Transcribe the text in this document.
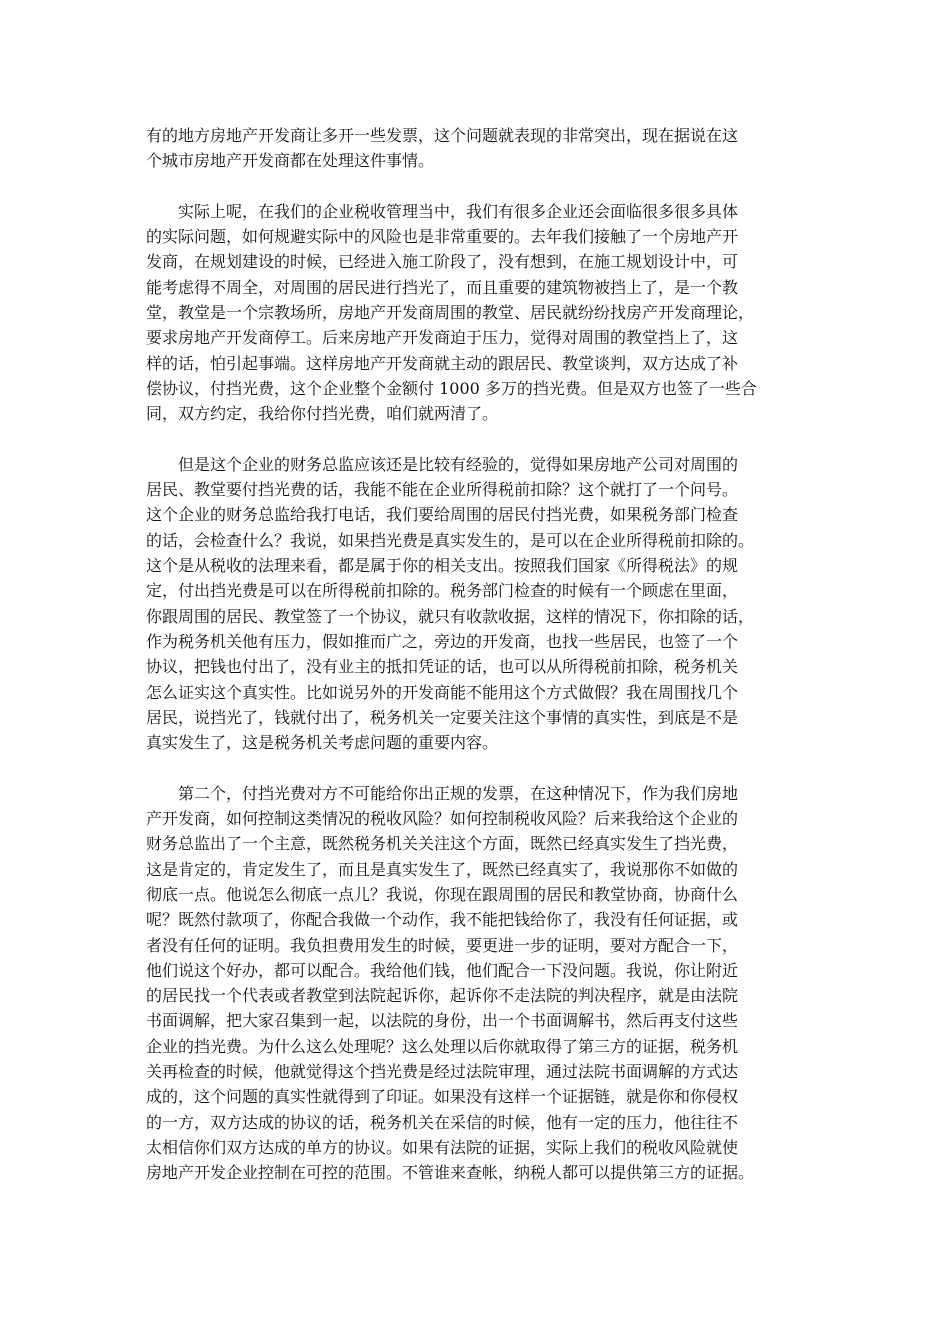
有的地方房地产开发商让多开一些发票，这个问题就表现的非常突出，现在据说在这
个城市房地产开发商都在处理这件事情。
实际上呢，在我们的企业税收管理当中，我们有很多企业还会面临很多很多具体
的实际问题，如何规避实际中的风险也是非常重要的。去年我们接触了一个房地产开
发商，在规划建设的时候，已经进入施工阶段了，没有想到，在施工规划设计中，可
能考虑得不周全，对周围的居民进行挡光了，而且重要的建筑物被挡上了，是一个教
堂，教堂是一个宗教场所，房地产开发商周围的教堂、居民就纷纷找房产开发商理论，
要求房地产开发商停工。后来房地产开发商迫于压力，觉得对周围的教堂挡上了，这
样的话，怕引起事端。这样房地产开发商就主动的跟居民、教堂谈判，双方达成了补
偿协议，付挡光费，这个企业整个金额付 1000 多万的挡光费。但是双方也签了一些合
同，双方约定，我给你付挡光费，咱们就两清了。
但是这个企业的财务总监应该还是比较有经验的，觉得如果房地产公司对周围的
居民、教堂要付挡光费的话，我能不能在企业所得税前扣除？这个就打了一个问号。
这个企业的财务总监给我打电话，我们要给周围的居民付挡光费，如果税务部门检查
的话，会检查什么？我说，如果挡光费是真实发生的，是可以在企业所得税前扣除的。
这个是从税收的法理来看，都是属于你的相关支出。按照我们国家《所得税法》的规
定，付出挡光费是可以在所得税前扣除的。税务部门检查的时候有一个顾虑在里面，
你跟周围的居民、教堂签了一个协议，就只有收款收据，这样的情况下，你扣除的话，
作为税务机关他有压力，假如推而广之，旁边的开发商，也找一些居民，也签了一个
协议，把钱也付出了，没有业主的抵扣凭证的话，也可以从所得税前扣除，税务机关
怎么证实这个真实性。比如说另外的开发商能不能用这个方式做假？我在周围找几个
居民，说挡光了，钱就付出了，税务机关一定要关注这个事情的真实性，到底是不是
真实发生了，这是税务机关考虑问题的重要内容。
第二个，付挡光费对方不可能给你出正规的发票，在这种情况下，作为我们房地
产开发商，如何控制这类情况的税收风险？如何控制税收风险？后来我给这个企业的
财务总监出了一个主意，既然税务机关关注这个方面，既然已经真实发生了挡光费，
这是肯定的，肯定发生了，而且是真实发生了，既然已经真实了，我说那你不如做的
彻底一点。他说怎么彻底一点儿？我说，你现在跟周围的居民和教堂协商，协商什么
呢？既然付款项了，你配合我做一个动作，我不能把钱给你了，我没有任何证据，或
者没有任何的证明。我负担费用发生的时候，要更进一步的证明，要对方配合一下，
他们说这个好办，都可以配合。我给他们钱，他们配合一下没问题。我说，你让附近
的居民找一个代表或者教堂到法院起诉你，起诉你不走法院的判决程序，就是由法院
书面调解，把大家召集到一起，以法院的身份，出一个书面调解书，然后再支付这些
企业的挡光费。为什么这么处理呢？这么处理以后你就取得了第三方的证据，税务机
关再检查的时候，他就觉得这个挡光费是经过法院审理，通过法院书面调解的方式达
成的，这个问题的真实性就得到了印证。如果没有这样一个证据链，就是你和你侵权
的一方，双方达成的协议的话，税务机关在采信的时候，他有一定的压力，他往往不
太相信你们双方达成的单方的协议。如果有法院的证据，实际上我们的税收风险就使
房地产开发企业控制在可控的范围。不管谁来查帐，纳税人都可以提供第三方的证据。
